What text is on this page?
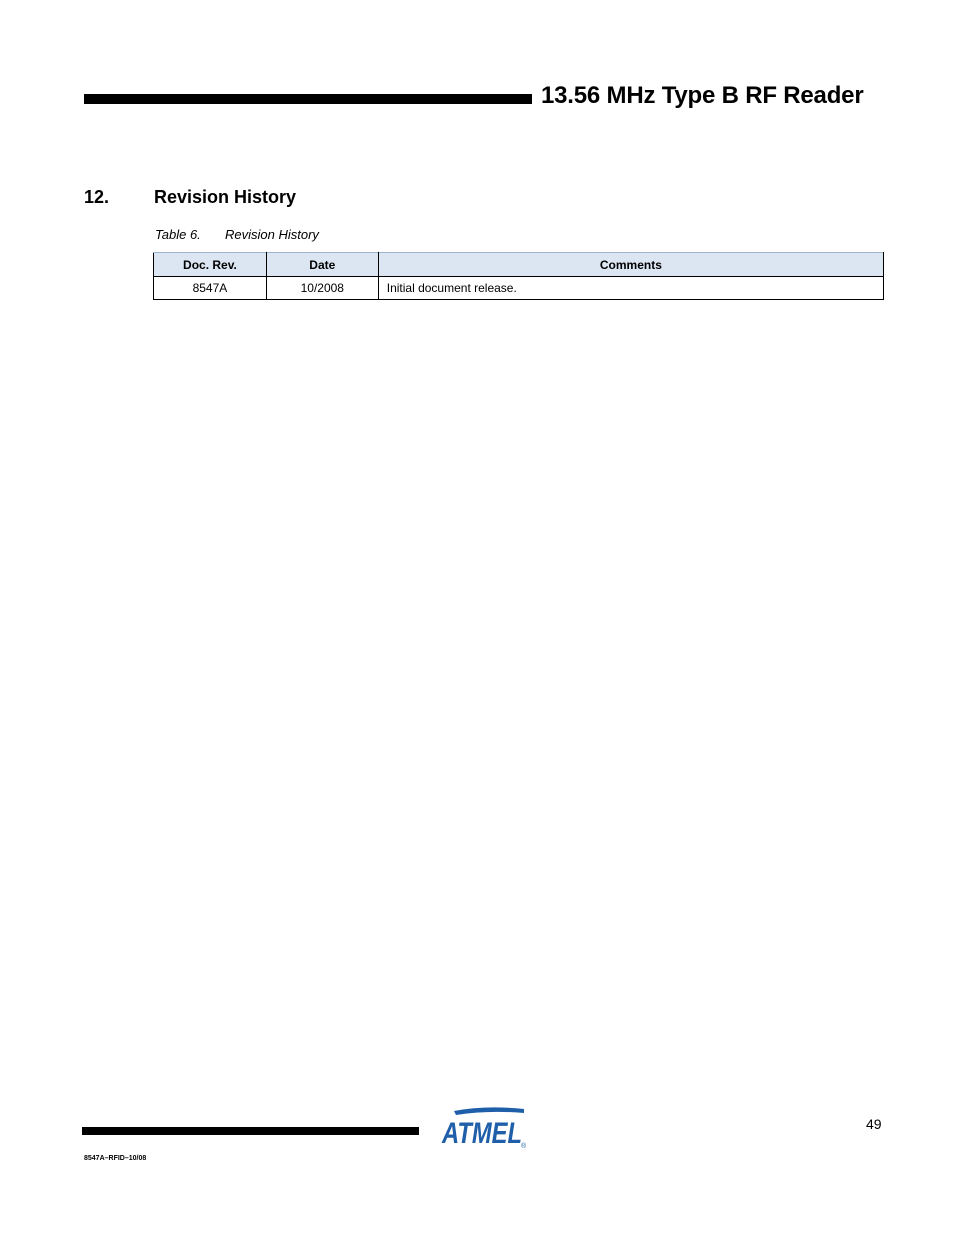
13.56 MHz Type B RF Reader
12. Revision History
Table 6. Revision History
Doc. Rev.	Date	Comments
8547A	10/2008	Initial document release.
ATMEL ®
49
8547A–RFID–10/08
